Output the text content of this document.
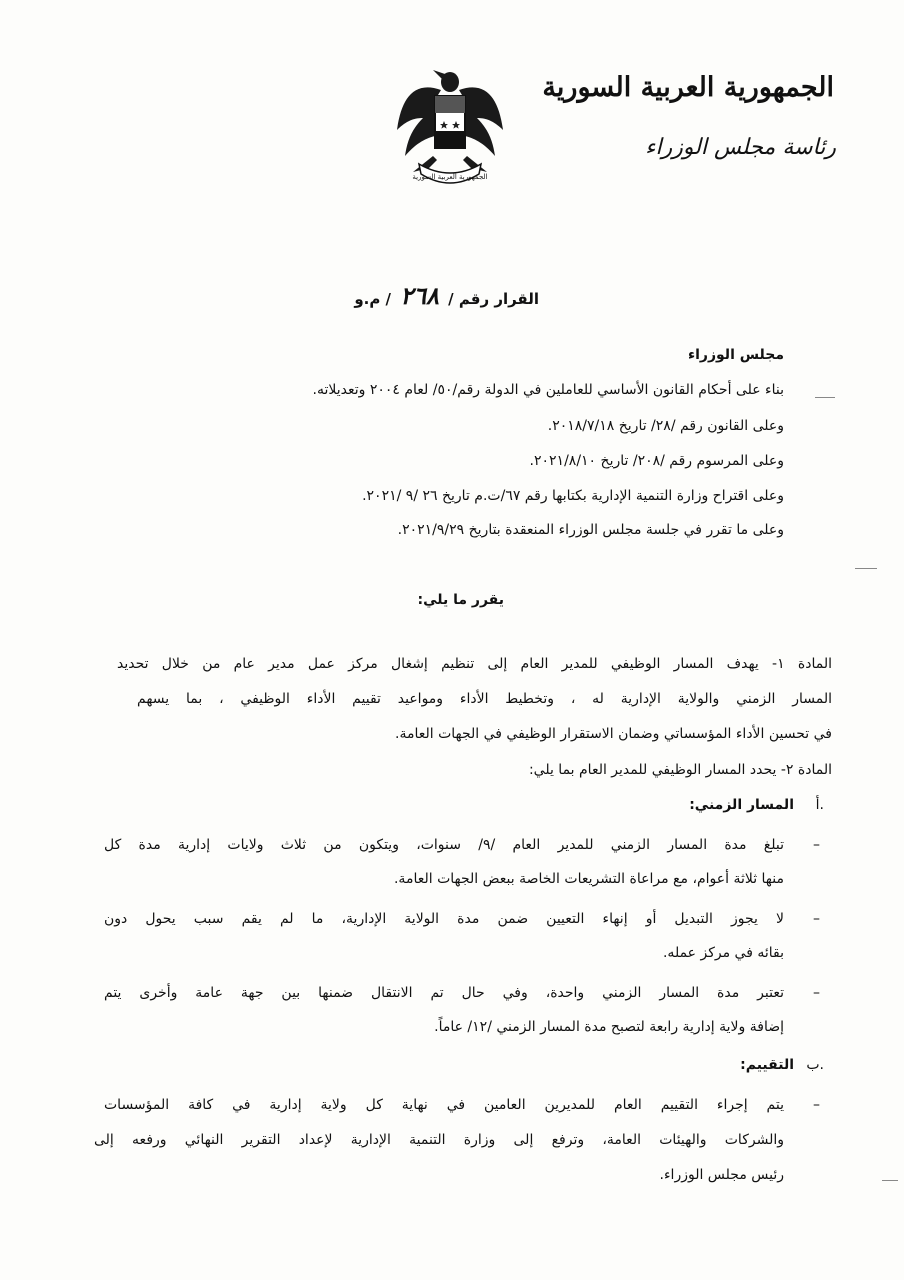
الجمهورية العربية السورية
رئاسة مجلس الوزراء
الجمهورية العربية السورية
القرار رقم / ٢٦٨ / م.و
مجلس الوزراء
بناء على أحكام القانون الأساسي للعاملين في الدولة رقم/٥٠/ لعام ٢٠٠٤ وتعديلاته.
وعلى القانون رقم /٢٨/ تاريخ ٢٠١٨/٧/١٨.
وعلى المرسوم رقم /٢٠٨/ تاريخ ٢٠٢١/٨/١٠.
وعلى اقتراح وزارة التنمية الإدارية بكتابها رقم ٦٧/ت.م تاريخ ٢٦ /٩ /٢٠٢١.
وعلى ما تقرر في جلسة مجلس الوزراء المنعقدة بتاريخ ٢٠٢١/٩/٢٩.
يقرر ما يلي:
المادة ١- يهدف المسار الوظيفي للمدير العام إلى تنظيم إشغال مركز عمل مدير عام من خلال تحديد
المسار الزمني والولاية الإدارية له ، وتخطيط الأداء ومواعيد تقييم الأداء الوظيفي ، بما يسهم
في تحسين الأداء المؤسساتي وضمان الاستقرار الوظيفي في الجهات العامة.
المادة ٢- يحدد المسار الوظيفي للمدير العام بما يلي:
أ.
المسار الزمني:
–
تبلغ مدة المسار الزمني للمدير العام /٩/ سنوات، ويتكون من ثلاث ولايات إدارية مدة كل
منها ثلاثة أعوام، مع مراعاة التشريعات الخاصة ببعض الجهات العامة.
–
لا يجوز التبديل أو إنهاء التعيين ضمن مدة الولاية الإدارية، ما لم يقم سبب يحول دون
بقائه في مركز عمله.
–
تعتبر مدة المسار الزمني واحدة، وفي حال تم الانتقال ضمنها بين جهة عامة وأخرى يتم
إضافة ولاية إدارية رابعة لتصبح مدة المسار الزمني /١٢/ عاماً.
ب.
التقييم:
–
يتم إجراء التقييم العام للمديرين العامين في نهاية كل ولاية إدارية في كافة المؤسسات
والشركات والهيئات العامة، وترفع إلى وزارة التنمية الإدارية لإعداد التقرير النهائي ورفعه إلى
رئيس مجلس الوزراء.
